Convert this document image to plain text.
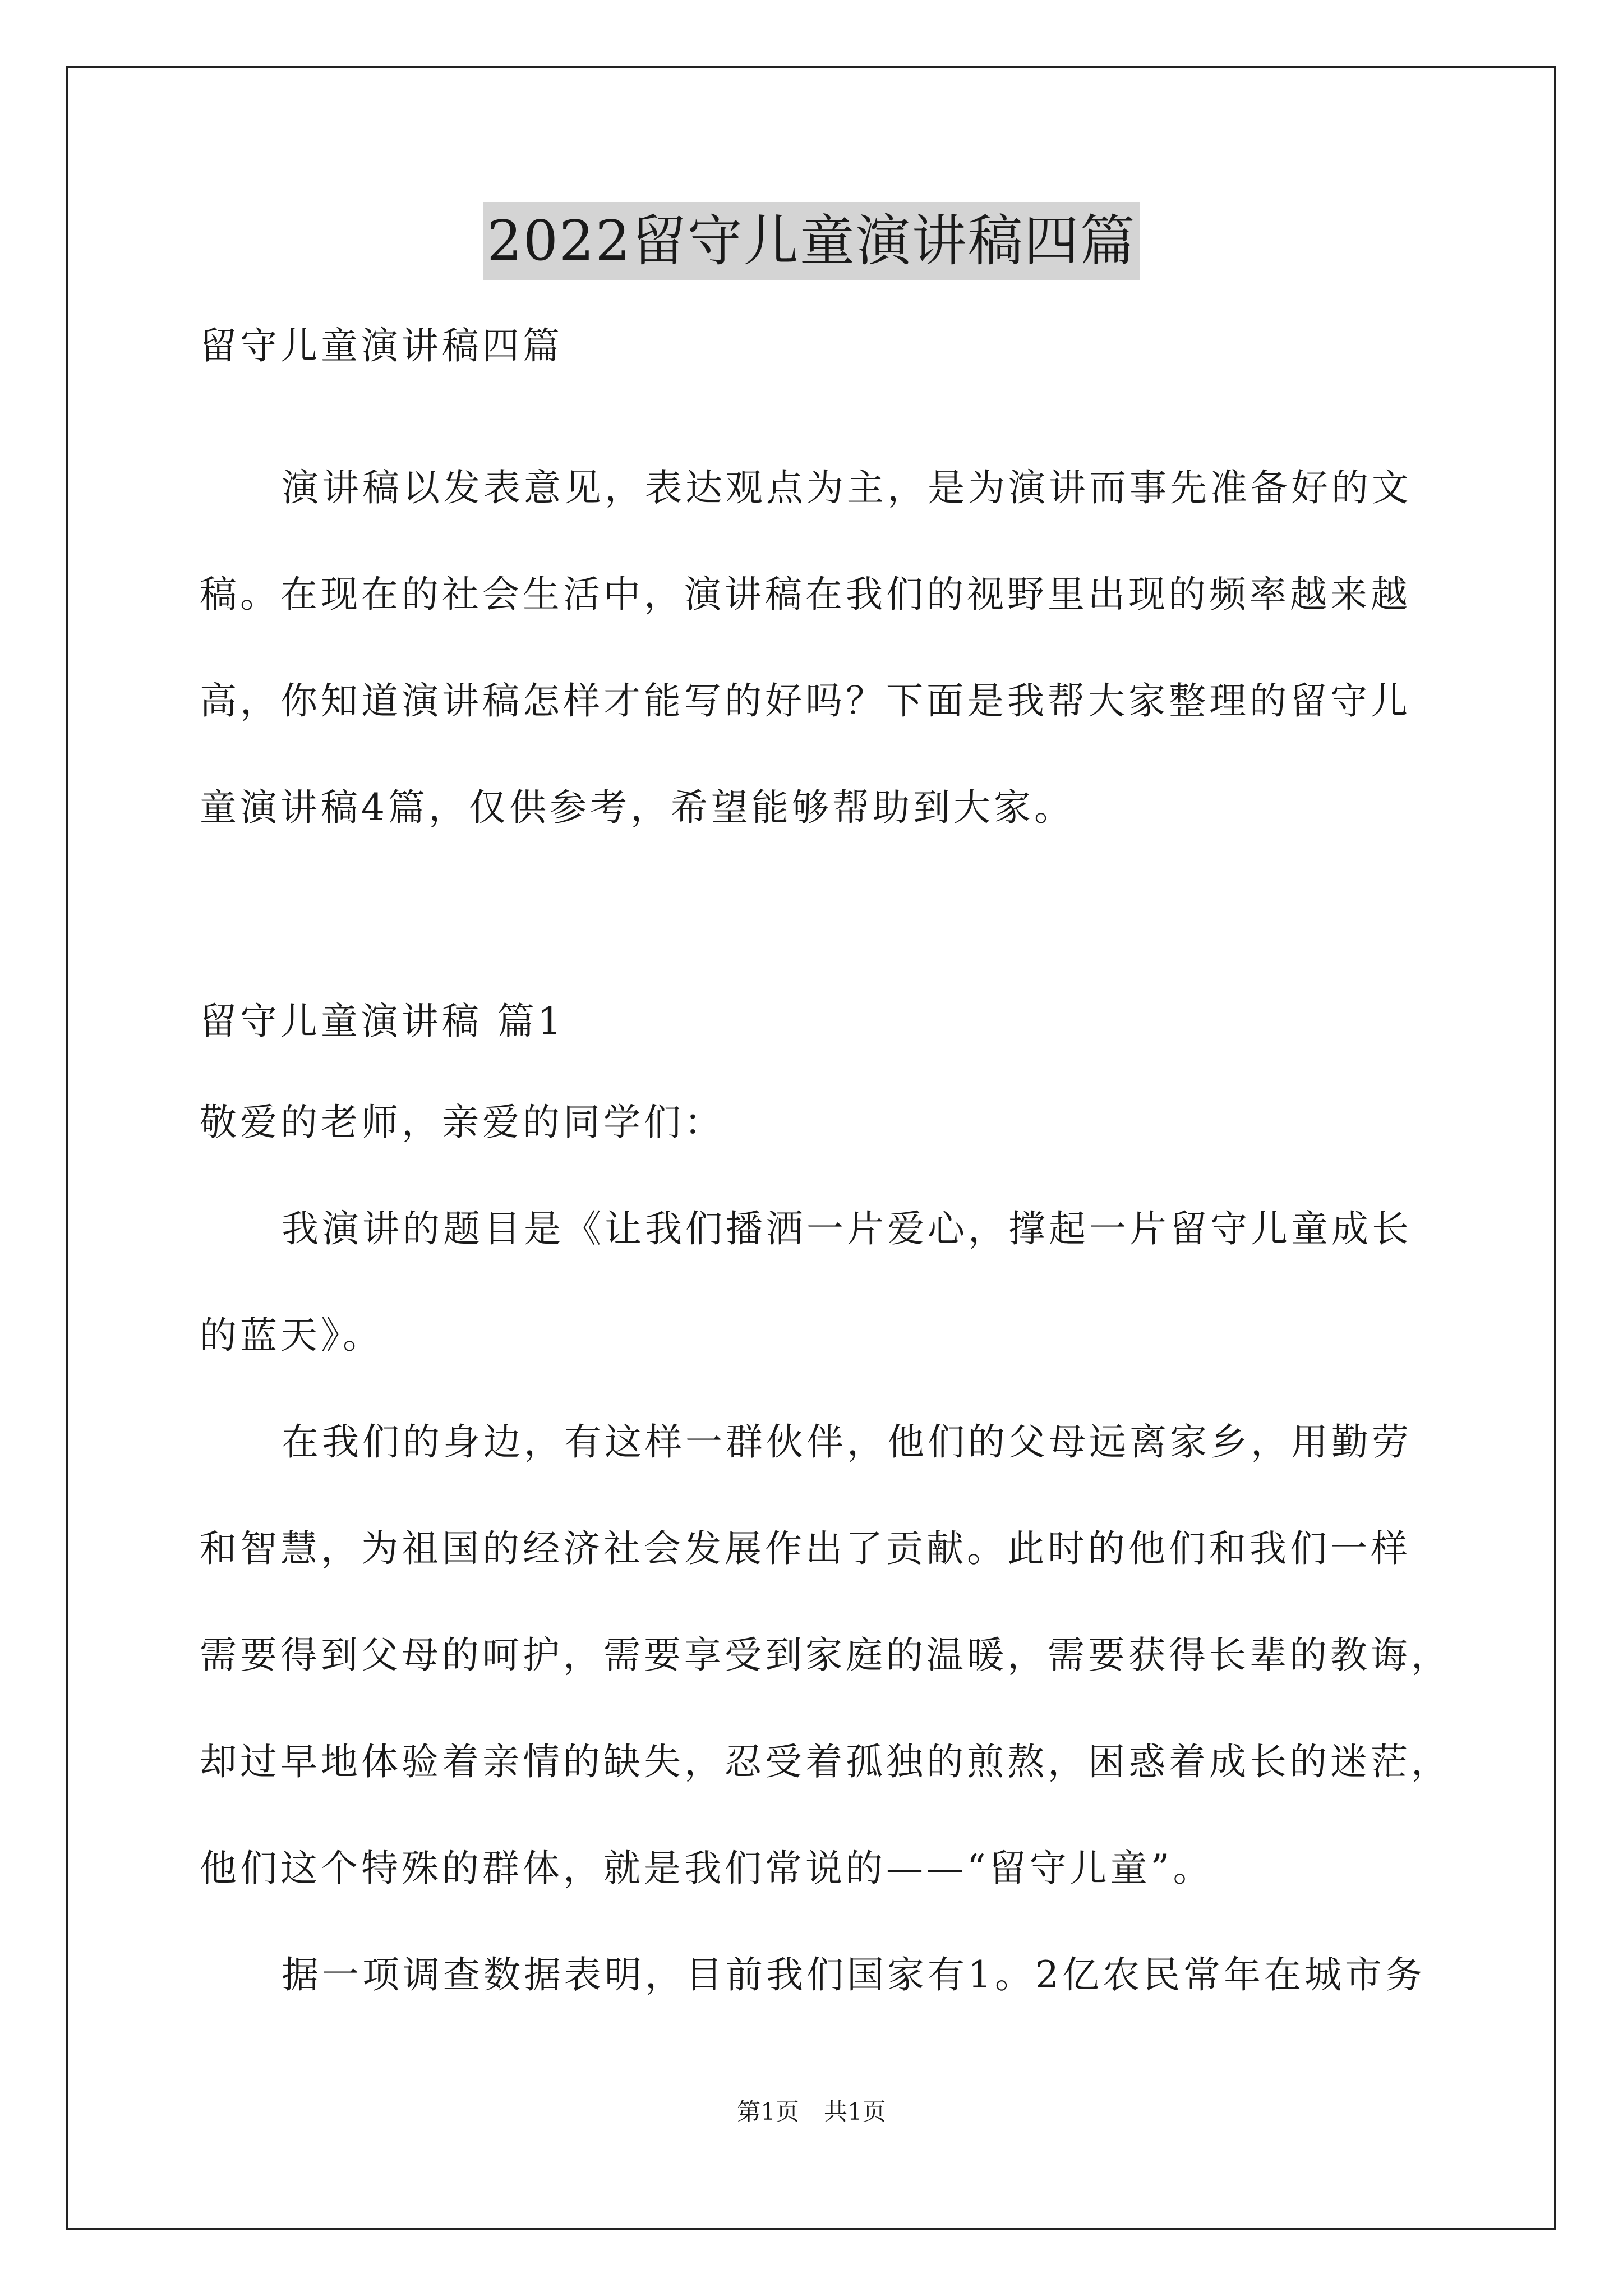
2022留守儿童演讲稿四篇

留守儿童演讲稿四篇

演讲稿以发表意见，表达观点为主，是为演讲而事先准备好的文

稿。在现在的社会生活中，演讲稿在我们的视野里出现的频率越来越

高，你知道演讲稿怎样才能写的好吗？下面是我帮大家整理的留守儿

童演讲稿4篇，仅供参考，希望能够帮助到大家。

留守儿童演讲稿 篇1

敬爱的老师，亲爱的同学们：

我演讲的题目是《让我们播洒一片爱心，撑起一片留守儿童成长

的蓝天》。

在我们的身边，有这样一群伙伴，他们的父母远离家乡，用勤劳

和智慧，为祖国的经济社会发展作出了贡献。此时的他们和我们一样

需要得到父母的呵护，需要享受到家庭的温暖，需要获得长辈的教诲，

却过早地体验着亲情的缺失，忍受着孤独的煎熬，困惑着成长的迷茫，

他们这个特殊的群体，就是我们常说的——“留守儿童”。

据一项调查数据表明，目前我们国家有1。2亿农民常年在城市务

第1页 共1页
